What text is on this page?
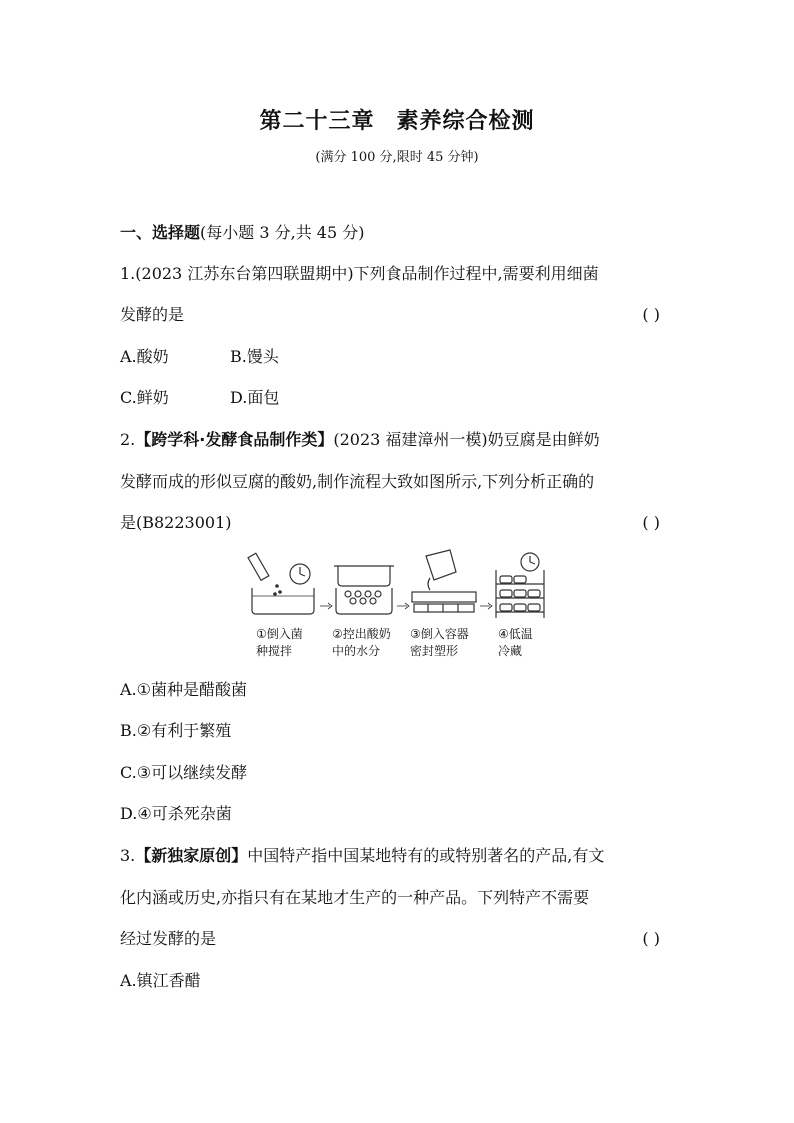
第二十三章 素养综合检测
(满分 100 分,限时 45 分钟)
一、选择题(每小题 3 分,共 45 分)
1.(2023 江苏东台第四联盟期中)下列食品制作过程中,需要利用细菌
发酵的是	( )
A.酸奶	B.馒头
C.鲜奶	D.面包
2.【跨学科·发酵食品制作类】(2023 福建漳州一模)奶豆腐是由鲜奶
发酵而成的形似豆腐的酸奶,制作流程大致如图所示,下列分析正确的
是(B8223001)	( )
①倒入菌
种搅拌
②控出酸奶
中的水分
③倒入容器
密封塑形
④低温
冷藏
A.①菌种是醋酸菌
B.②有利于繁殖
C.③可以继续发酵
D.④可杀死杂菌
3.【新独家原创】中国特产指中国某地特有的或特别著名的产品,有文
化内涵或历史,亦指只有在某地才生产的一种产品。下列特产不需要
经过发酵的是	( )
A.镇江香醋
